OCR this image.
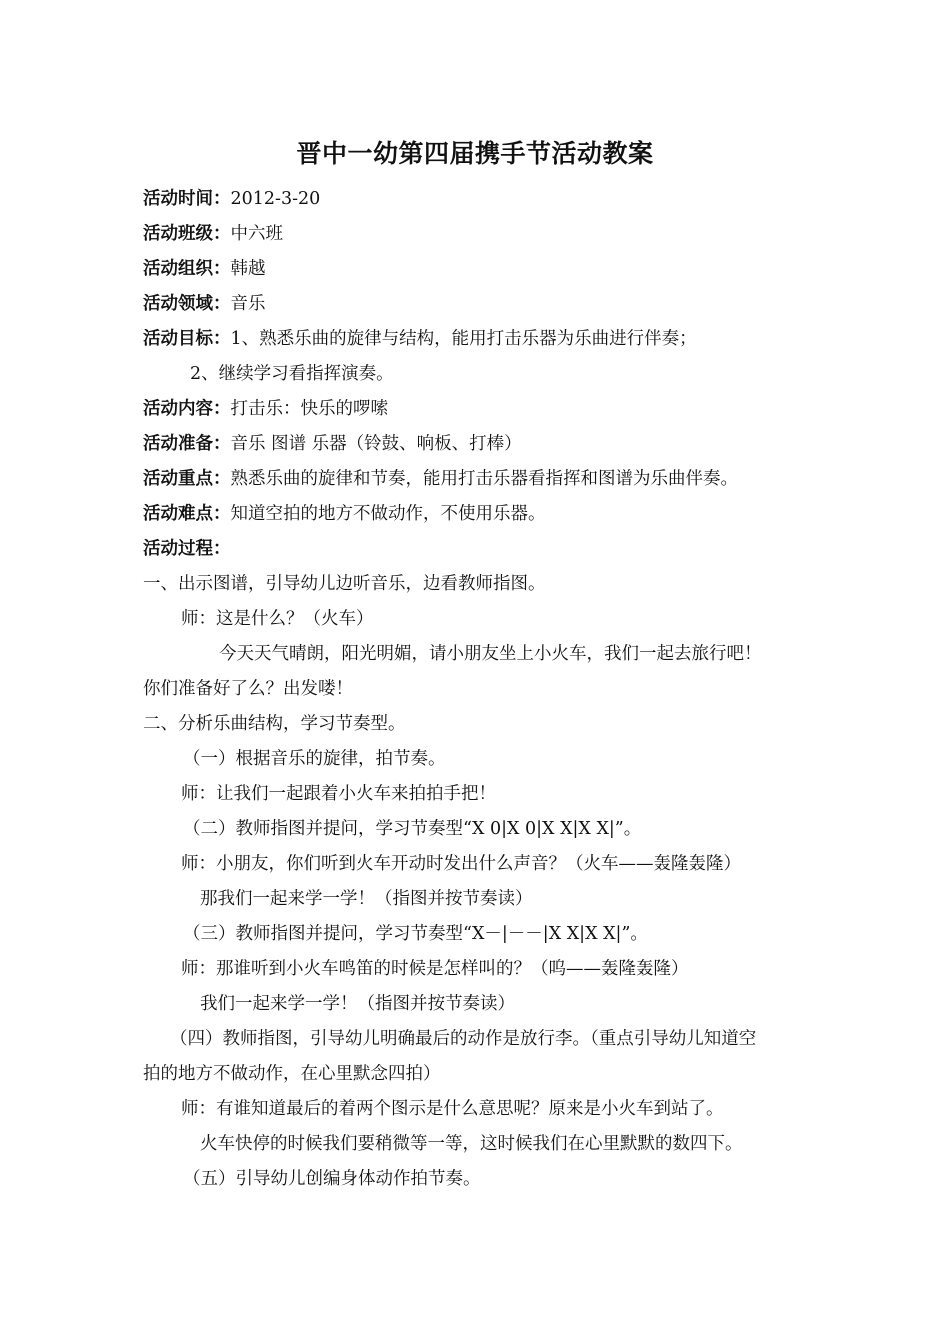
晋中一幼第四届携手节活动教案
活动时间：2012-3-20
活动班级：中六班
活动组织：韩越
活动领域：音乐
活动目标：1、熟悉乐曲的旋律与结构，能用打击乐器为乐曲进行伴奏；
2、继续学习看指挥演奏。
活动内容：打击乐：快乐的啰嗦
活动准备：音乐 图谱 乐器（铃鼓、响板、打棒）
活动重点：熟悉乐曲的旋律和节奏，能用打击乐器看指挥和图谱为乐曲伴奏。
活动难点：知道空拍的地方不做动作，不使用乐器。
活动过程：
一、出示图谱，引导幼儿边听音乐，边看教师指图。
师：这是什么？（火车）
今天天气晴朗，阳光明媚，请小朋友坐上小火车，我们一起去旅行吧！
你们准备好了么？出发喽！
二、分析乐曲结构，学习节奏型。
（一）根据音乐的旋律，拍节奏。
师：让我们一起跟着小火车来拍拍手把！
（二）教师指图并提问，学习节奏型“X 0|X 0|X X|X X|”。
师：小朋友，你们听到火车开动时发出什么声音？（火车——轰隆轰隆）
那我们一起来学一学！（指图并按节奏读）
（三）教师指图并提问，学习节奏型“X－|－－|X X|X X|”。
师：那谁听到小火车鸣笛的时候是怎样叫的？（呜——轰隆轰隆）
我们一起来学一学！（指图并按节奏读）
（四）教师指图，引导幼儿明确最后的动作是放行李。（重点引导幼儿知道空
拍的地方不做动作，在心里默念四拍）
师：有谁知道最后的着两个图示是什么意思呢？原来是小火车到站了。
火车快停的时候我们要稍微等一等，这时候我们在心里默默的数四下。
（五）引导幼儿创编身体动作拍节奏。
